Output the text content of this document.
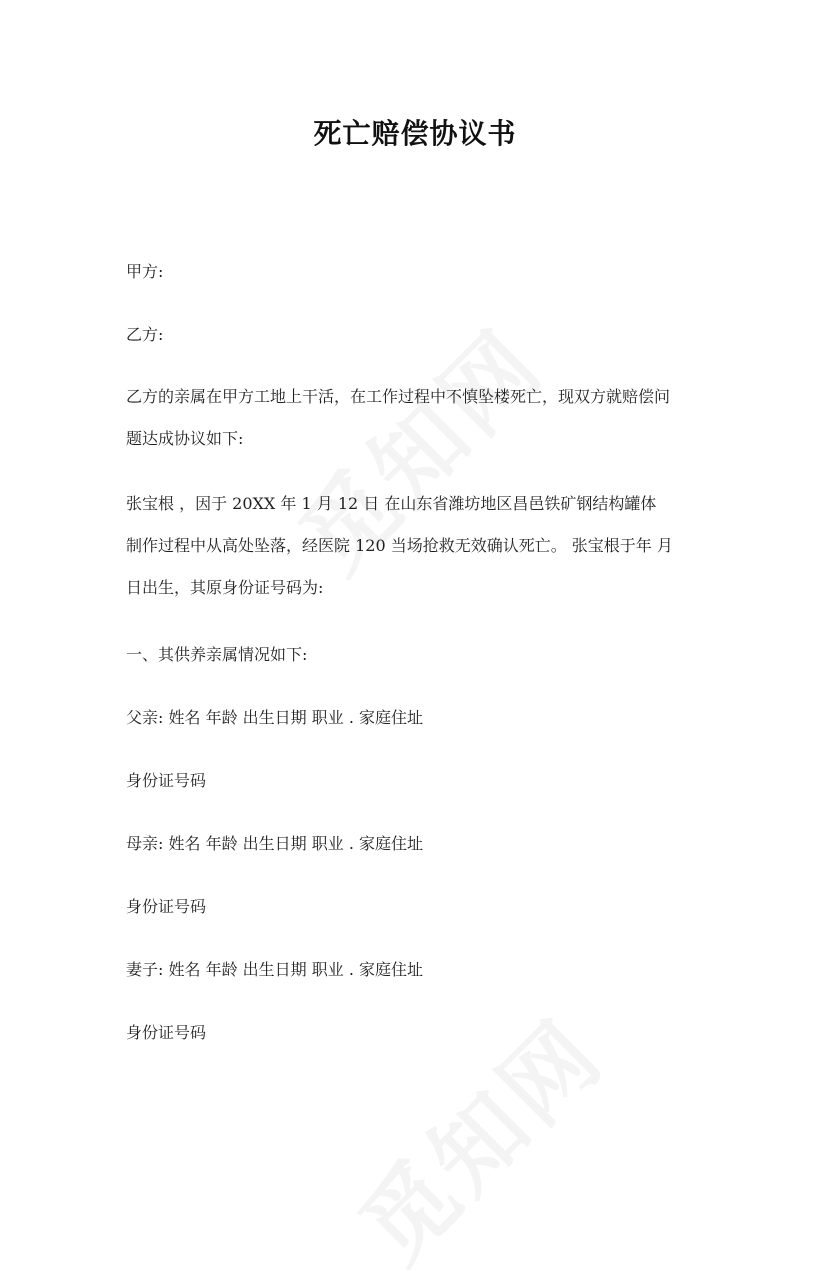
死亡赔偿协议书

甲方:

乙方:

乙方的亲属在甲方工地上干活，在工作过程中不慎坠楼死亡，现双方就赔偿问
题达成协议如下:
张宝根 ，因于 20XX 年 1 月 12 日 在山东省潍坊地区昌邑铁矿钢结构罐体
制作过程中从高处坠落，经医院 120 当场抢救无效确认死亡。 张宝根于年 月
日出生，其原身份证号码为:

一、其供养亲属情况如下:

父亲: 姓名 年龄 出生日期 职业 . 家庭住址

身份证号码

母亲: 姓名 年龄 出生日期 职业 . 家庭住址

身份证号码

妻子: 姓名 年龄 出生日期 职业 . 家庭住址

身份证号码
